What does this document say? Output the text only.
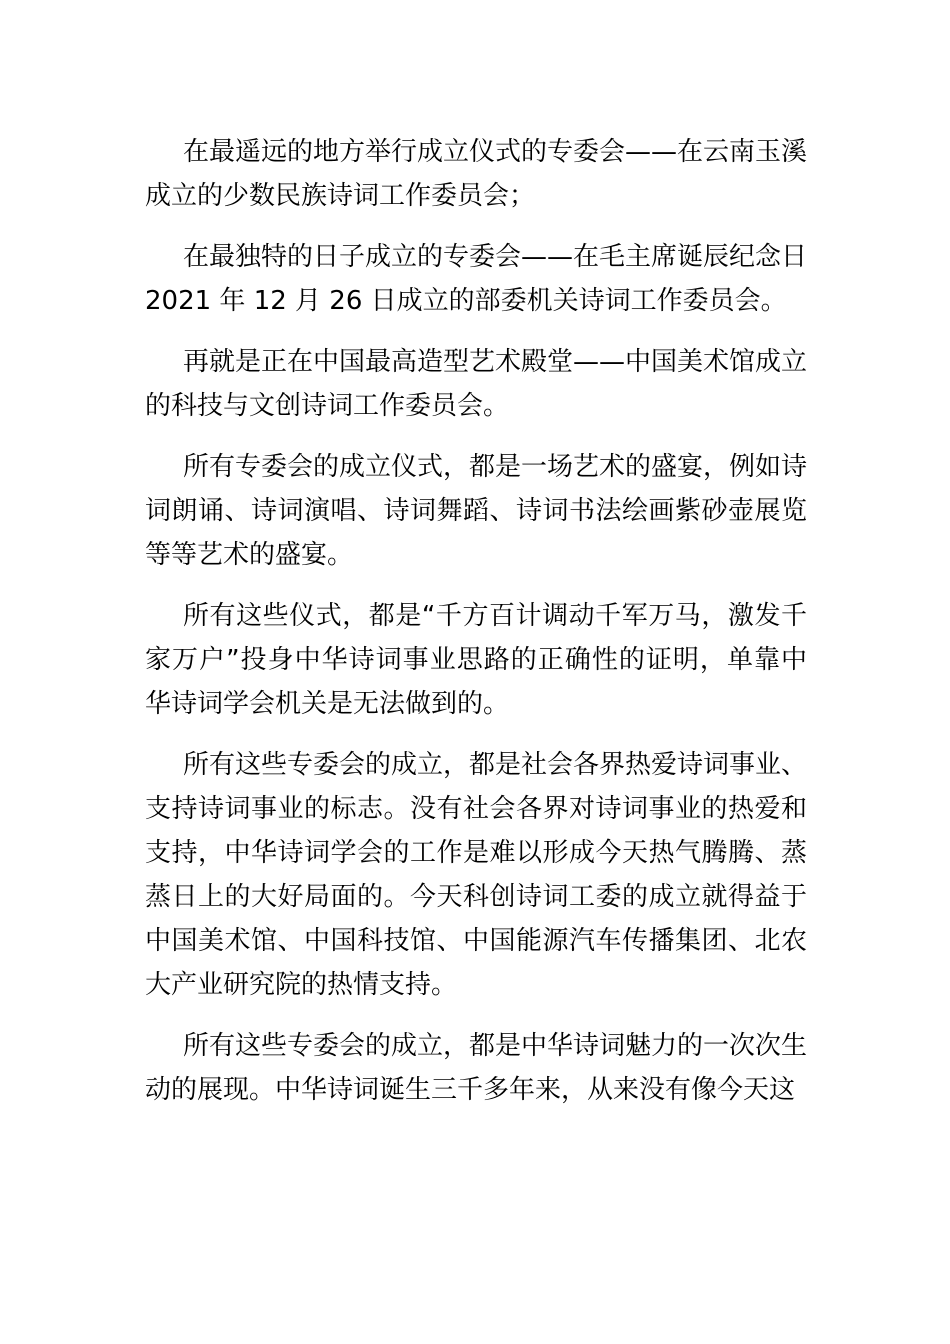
在最遥远的地方举行成立仪式的专委会——在云南玉溪成立的少数民族诗词工作委员会；

在最独特的日子成立的专委会——在毛主席诞辰纪念日2021 年 12 月 26 日成立的部委机关诗词工作委员会。

再就是正在中国最高造型艺术殿堂——中国美术馆成立的科技与文创诗词工作委员会。

所有专委会的成立仪式，都是一场艺术的盛宴，例如诗词朗诵、诗词演唱、诗词舞蹈、诗词书法绘画紫砂壶展览等等艺术的盛宴。

所有这些仪式，都是“千方百计调动千军万马，激发千家万户”投身中华诗词事业思路的正确性的证明，单靠中华诗词学会机关是无法做到的。

所有这些专委会的成立，都是社会各界热爱诗词事业、支持诗词事业的标志。没有社会各界对诗词事业的热爱和支持，中华诗词学会的工作是难以形成今天热气腾腾、蒸蒸日上的大好局面的。今天科创诗词工委的成立就得益于中国美术馆、中国科技馆、中国能源汽车传播集团、北农大产业研究院的热情支持。

所有这些专委会的成立，都是中华诗词魅力的一次次生动的展现。中华诗词诞生三千多年来，从来没有像今天这
